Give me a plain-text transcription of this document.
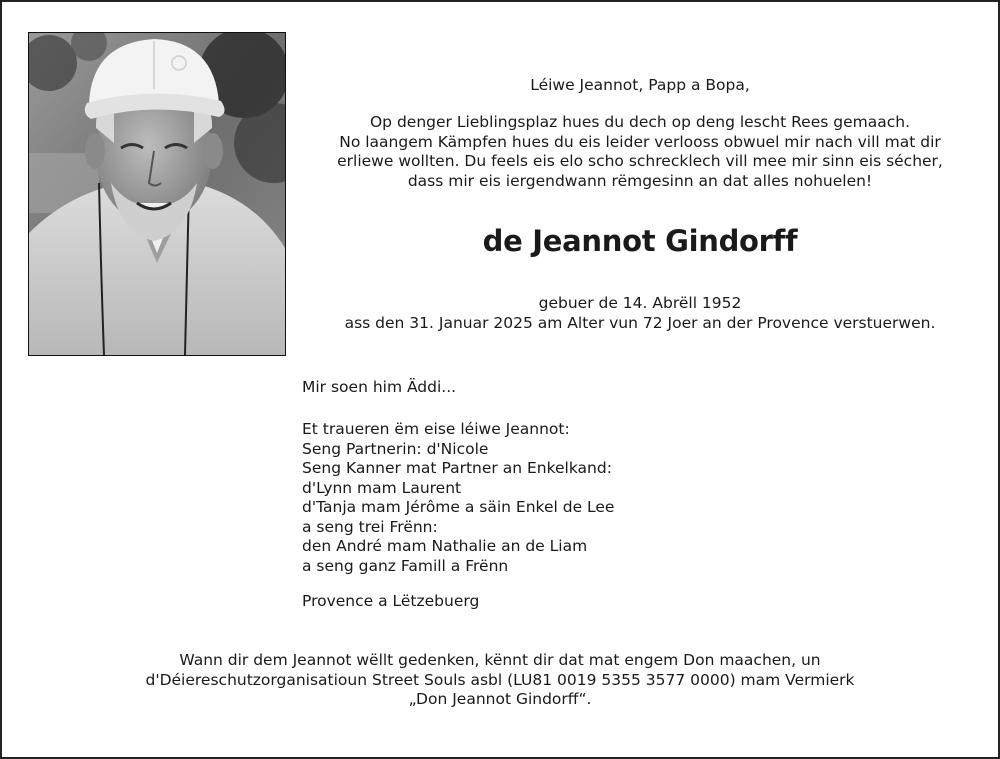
Léiwe Jeannot, Papp a Bopa,
Op denger Lieblingsplaz hues du dech op deng lescht Rees gemaach.
No laangem Kämpfen hues du eis leider verlooss obwuel mir nach vill mat dir
erliewe wollten. Du feels eis elo scho schrecklech vill mee mir sinn eis sécher,
dass mir eis iergendwann rëmgesinn an dat alles nohuelen!
de Jeannot Gindorff
gebuer de 14. Abrëll 1952
ass den 31. Januar 2025 am Alter vun 72 Joer an der Provence verstuerwen.
Mir soen him Äddi...
Et traueren ëm eise léiwe Jeannot:
Seng Partnerin: d'Nicole
Seng Kanner mat Partner an Enkelkand:
d'Lynn mam Laurent
d'Tanja mam Jérôme a säin Enkel de Lee
a seng trei Frënn:
den André mam Nathalie an de Liam
a seng ganz Famill a Frënn
Provence a Lëtzebuerg
Wann dir dem Jeannot wëllt gedenken, kënnt dir dat mat engem Don maachen, un
d'Déiereschutzorganisatioun Street Souls asbl (LU81 0019 5355 3577 0000) mam Vermierk
„Don Jeannot Gindorff“.
